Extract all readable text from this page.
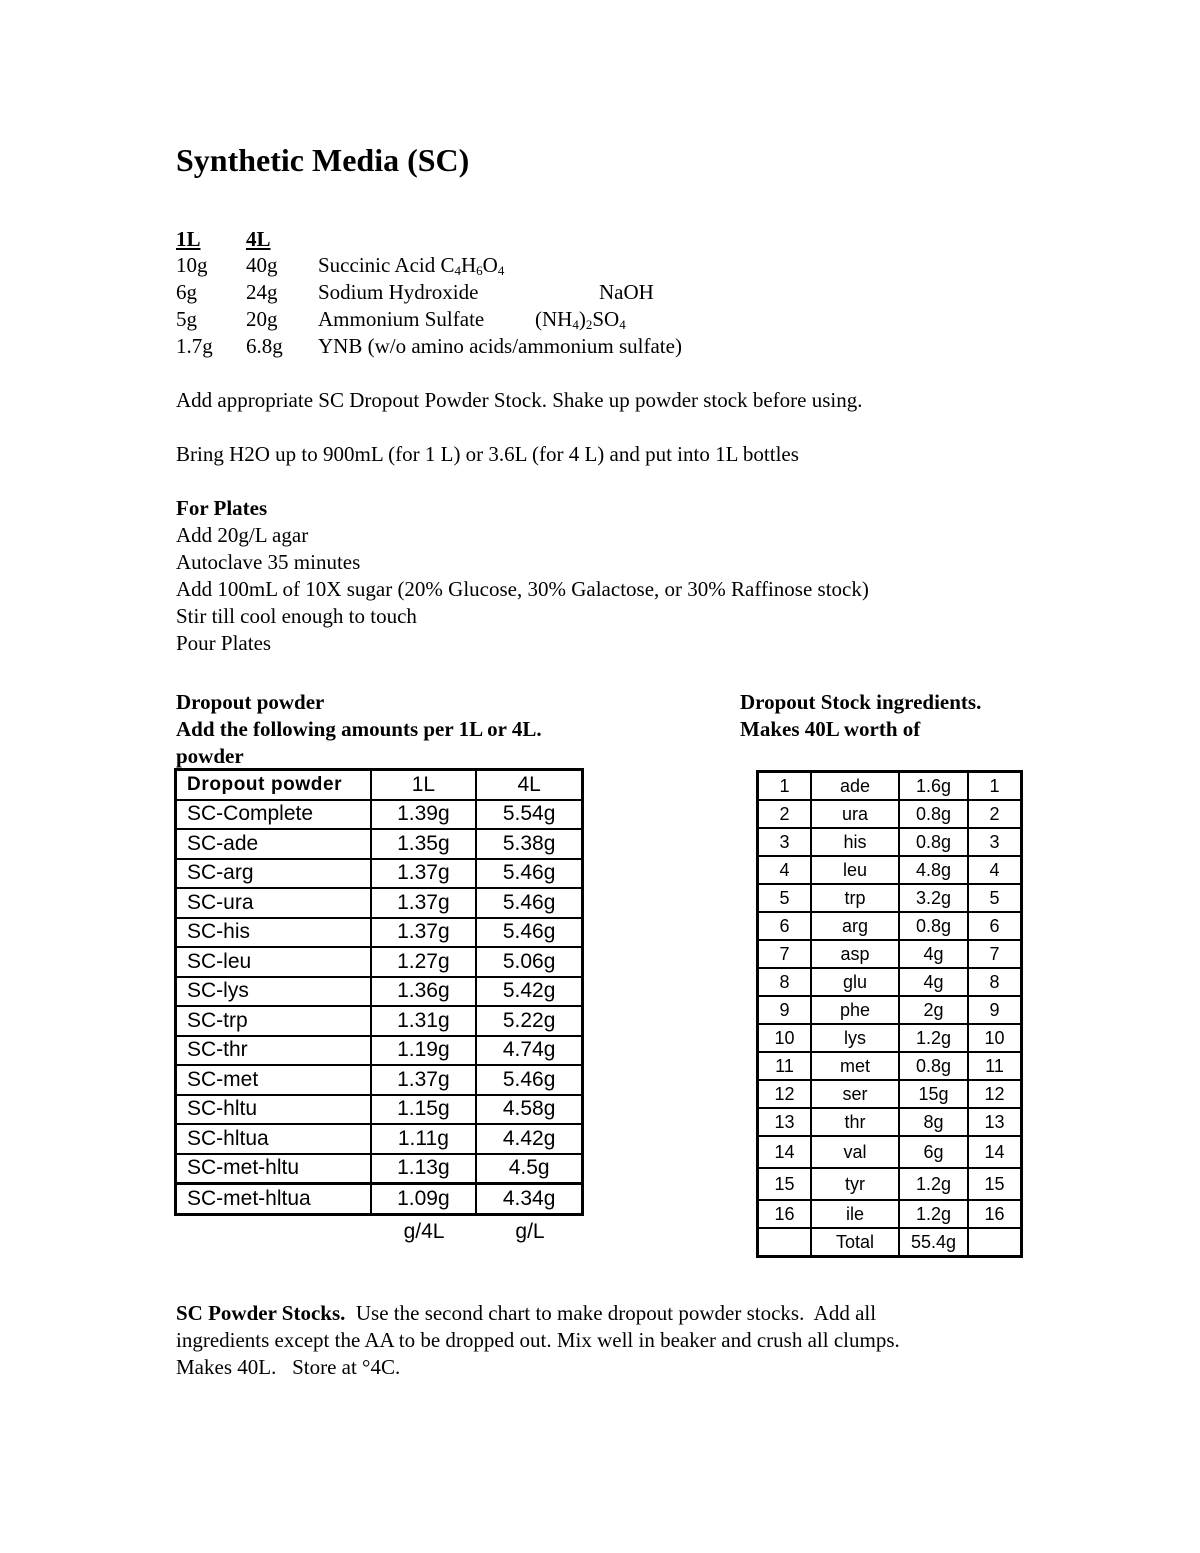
Synthetic Media (SC)
1L 4L
10g 40g Succinic Acid $C_4H_6O_4$
6g 24g Sodium Hydroxide	NaOH
5g 20g Ammonium Sulfate $(NH_4)_2SO_4$
1.7g 6.8g YNB (w/o amino acids/ammonium sulfate)
Add appropriate SC Dropout Powder Stock. Shake up powder stock before using.
Bring H2O up to 900mL (for 1 L) or 3.6L (for 4 L) and put into 1L bottles
For Plates
Add 20g/L agar
Autoclave 35 minutes
Add 100mL of 10X sugar (20% Glucose, 30% Galactose, or 30% Raffinose stock)
Stir till cool enough to touch
Pour Plates
Dropout powder
Add the following amounts per 1L or 4L.
powder
Dropout Stock ingredients.
Makes 40L worth of
Dropout powder	1L	4L
SC-Complete	1.39g	5.54g
SC-ade	1.35g	5.38g
SC-arg	1.37g	5.46g
SC-ura	1.37g	5.46g
SC-his	1.37g	5.46g
SC-leu	1.27g	5.06g
SC-lys	1.36g	5.42g
SC-trp	1.31g	5.22g
SC-thr	1.19g	4.74g
SC-met	1.37g	5.46g
SC-hltu	1.15g	4.58g
SC-hltua	1.11g	4.42g
SC-met-hltu	1.13g	4.5g
SC-met-hltua	1.09g	4.34g
g/4L	g/L
1	ade	1.6g	1
2	ura	0.8g	2
3	his	0.8g	3
4	leu	4.8g	4
5	trp	3.2g	5
6	arg	0.8g	6
7	asp	4g	7
8	glu	4g	8
9	phe	2g	9
10	lys	1.2g	10
11	met	0.8g	11
12	ser	15g	12
13	thr	8g	13
14	val	6g	14
15	tyr	1.2g	15
16	ile	1.2g	16
	Total	55.4g	
SC Powder Stocks.  Use the second chart to make dropout powder stocks.  Add all
ingredients except the AA to be dropped out. Mix well in beaker and crush all clumps.
Makes 40L.   Store at °4C.
